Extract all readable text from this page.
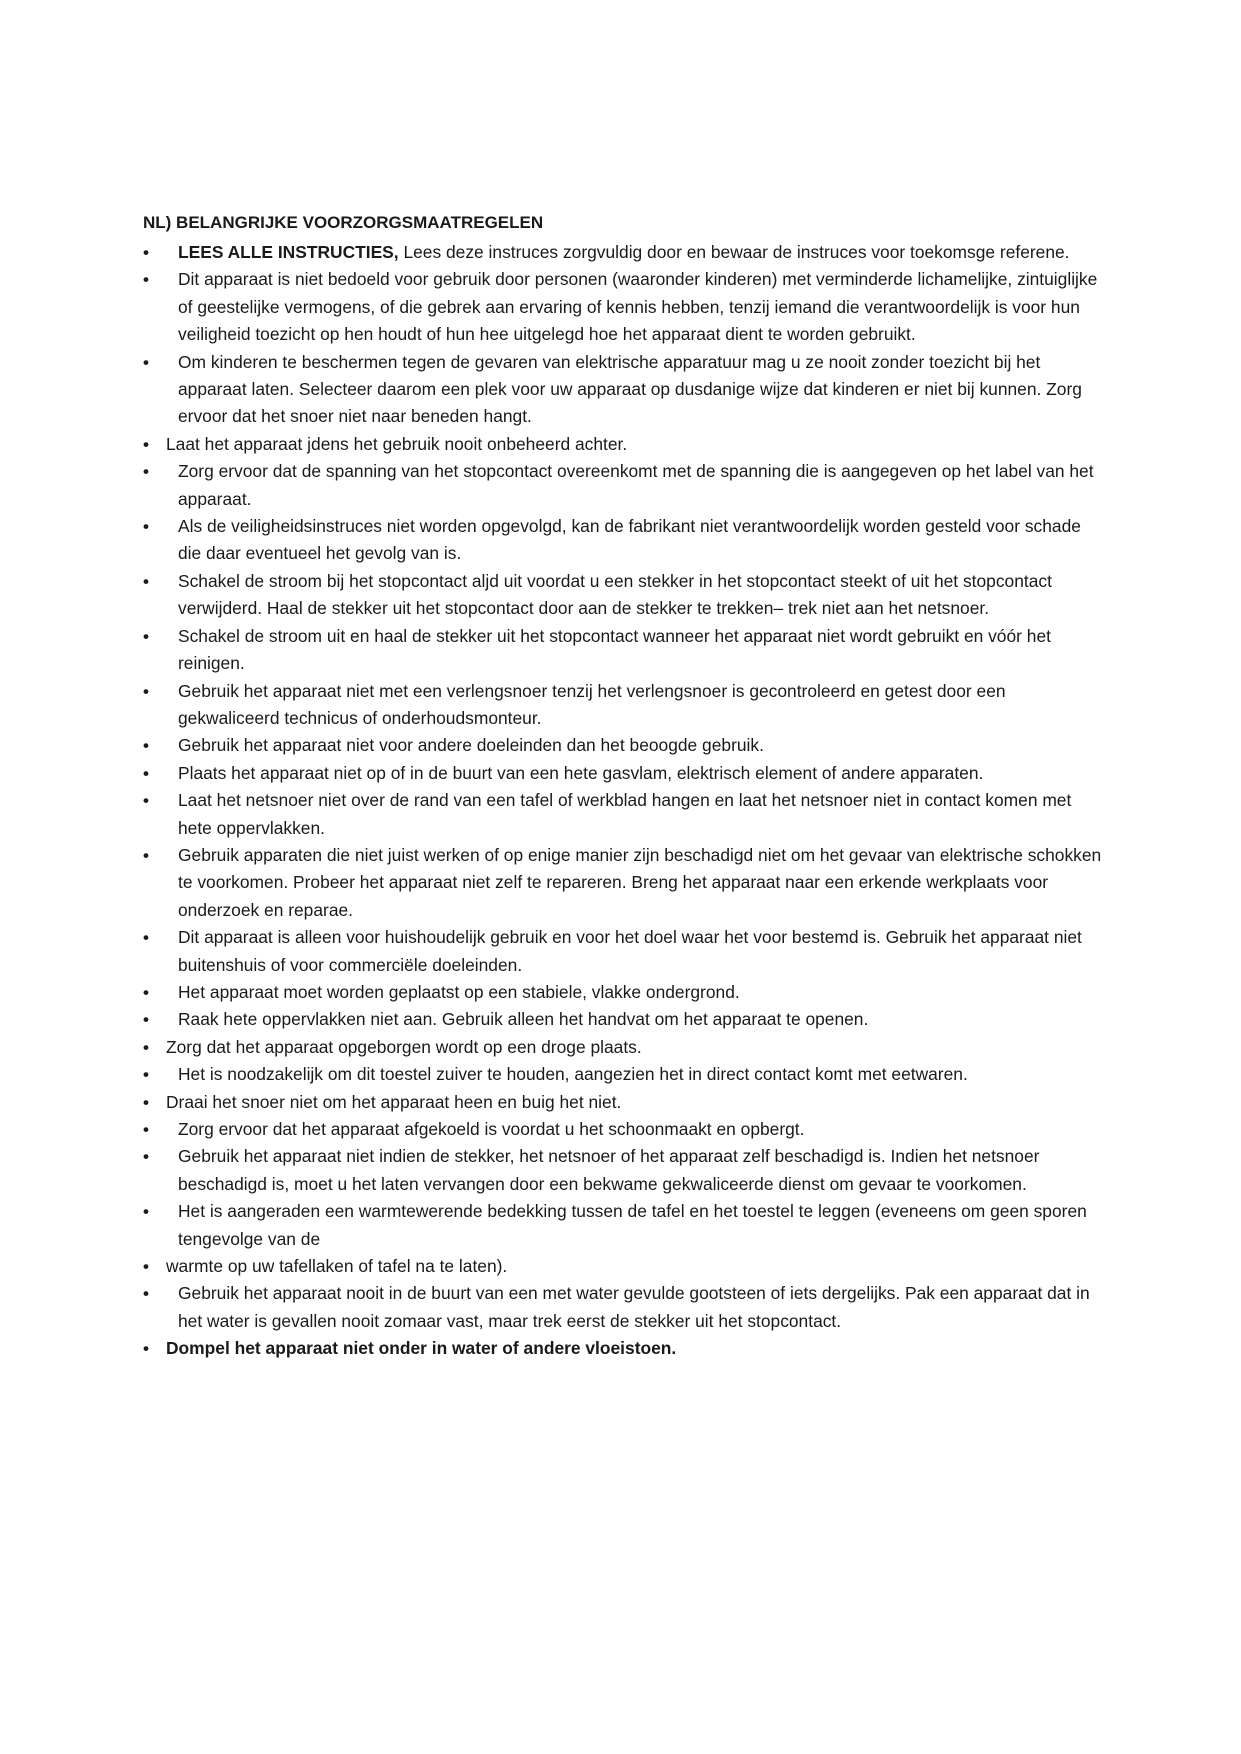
NL) BELANGRIJKE VOORZORGSMAATREGELEN
• LEES ALLE INSTRUCTIES, Lees deze instruces zorgvuldig door en bewaar de instruces voor toekomsge referene.
• Dit apparaat is niet bedoeld voor gebruik door personen (waaronder kinderen) met verminderde lichamelijke, zintuiglijke of geestelijke vermogens, of die gebrek aan ervaring of kennis hebben, tenzij iemand die verantwoordelijk is voor hun veiligheid toezicht op hen houdt of hun hee uitgelegd hoe het apparaat dient te worden gebruikt.
• Om kinderen te beschermen tegen de gevaren van elektrische apparatuur mag u ze nooit zonder toezicht bij het apparaat laten. Selecteer daarom een plek voor uw apparaat op dusdanige wijze dat kinderen er niet bij kunnen. Zorg ervoor dat het snoer niet naar beneden hangt.
• Laat het apparaat jdens het gebruik nooit onbeheerd achter.
• Zorg ervoor dat de spanning van het stopcontact overeenkomt met de spanning die is aangegeven op het label van het apparaat.
• Als de veiligheidsinstruces niet worden opgevolgd, kan de fabrikant niet verantwoordelijk worden gesteld voor schade die daar eventueel het gevolg van is.
• Schakel de stroom bij het stopcontact aljd uit voordat u een stekker in het stopcontact steekt of uit het stopcontact verwijderd. Haal de stekker uit het stopcontact door aan de stekker te trekken– trek niet aan het netsnoer.
• Schakel de stroom uit en haal de stekker uit het stopcontact wanneer het apparaat niet wordt gebruikt en vóór het reinigen.
• Gebruik het apparaat niet met een verlengsnoer tenzij het verlengsnoer is gecontroleerd en getest door een gekwaliceerd technicus of onderhoudsmonteur.
• Gebruik het apparaat niet voor andere doeleinden dan het beoogde gebruik.
• Plaats het apparaat niet op of in de buurt van een hete gasvlam, elektrisch element of andere apparaten.
• Laat het netsnoer niet over de rand van een tafel of werkblad hangen en laat het netsnoer niet in contact komen met hete oppervlakken.
• Gebruik apparaten die niet juist werken of op enige manier zijn beschadigd niet om het gevaar van elektrische schokken te voorkomen. Probeer het apparaat niet zelf te repareren. Breng het apparaat naar een erkende werkplaats voor onderzoek en reparae.
• Dit apparaat is alleen voor huishoudelijk gebruik en voor het doel waar het voor bestemd is. Gebruik het apparaat niet buitenshuis of voor commerciële doeleinden.
• Het apparaat moet worden geplaatst op een stabiele, vlakke ondergrond.
• Raak hete oppervlakken niet aan. Gebruik alleen het handvat om het apparaat te openen.
• Zorg dat het apparaat opgeborgen wordt op een droge plaats.
• Het is noodzakelijk om dit toestel zuiver te houden, aangezien het in direct contact komt met eetwaren.
• Draai het snoer niet om het apparaat heen en buig het niet.
• Zorg ervoor dat het apparaat afgekoeld is voordat u het schoonmaakt en opbergt.
• Gebruik het apparaat niet indien de stekker, het netsnoer of het apparaat zelf beschadigd is. Indien het netsnoer beschadigd is, moet u het laten vervangen door een bekwame gekwaliceerde dienst om gevaar te voorkomen.
• Het is aangeraden een warmtewerende bedekking tussen de tafel en het toestel te leggen (eveneens om geen sporen tengevolge van de
• warmte op uw tafellaken of tafel na te laten).
• Gebruik het apparaat nooit in de buurt van een met water gevulde gootsteen of iets dergelijks. Pak een apparaat dat in het water is gevallen nooit zomaar vast, maar trek eerst de stekker uit het stopcontact.
• Dompel het apparaat niet onder in water of andere vloeistoen.
